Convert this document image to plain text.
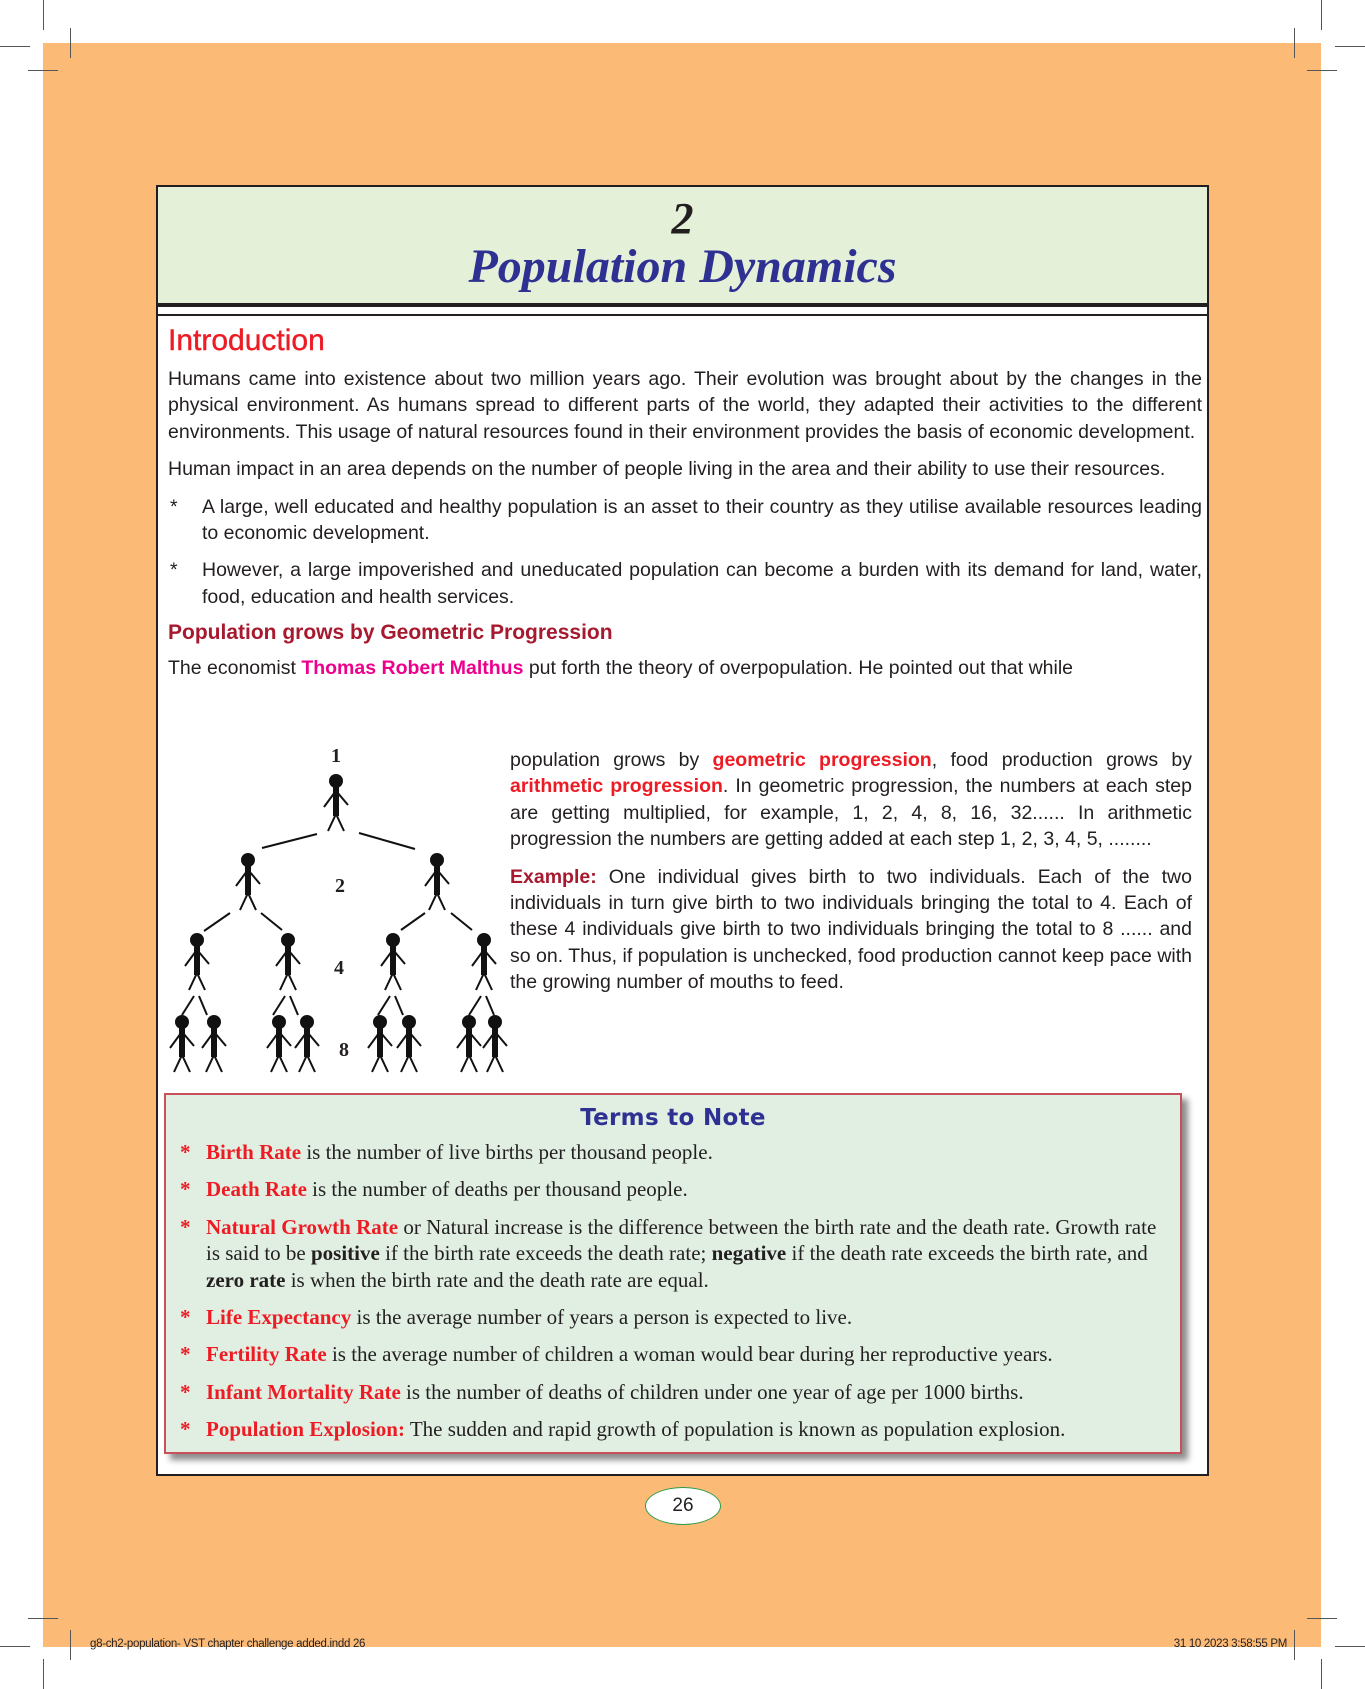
2
Population Dynamics
Introduction

Humans came into existence about two million years ago. Their evolution was brought about by the changes in the physical environment. As humans spread to different parts of the world, they adapted their activities to the different environments. This usage of natural resources found in their environment provides the basis of economic development.

Human impact in an area depends on the number of people living in the area and their ability to use their resources.

*	A large, well educated and healthy population is an asset to their country as they utilise available resources leading to economic development.
*	However, a large impoverished and uneducated population can become a burden with its demand for land, water, food, education and health services.
Population grows by Geometric Progression

The economist Thomas Robert Malthus put forth the theory of overpopulation. He pointed out that while

1
2
4
8

population grows by geometric progression, food production grows by arithmetic progression. In geometric progression, the numbers at each step are getting multiplied, for example, 1, 2, 4, 8, 16, 32...... In arithmetic progression the numbers are getting added at each step 1, 2, 3, 4, 5, ........

Example: One individual gives birth to two individuals. Each of the two individuals in turn give birth to two individuals bringing the total to 4. Each of these 4 individuals give birth to two individuals bringing the total to 8 ...... and so on. Thus, if population is unchecked, food production cannot keep pace with the growing number of mouths to feed.

Terms to Note
* Birth Rate is the number of live births per thousand people.
* Death Rate is the number of deaths per thousand people.
* Natural Growth Rate or Natural increase is the difference between the birth rate and the death rate. Growth rate is said to be positive if the birth rate exceeds the death rate; negative if the death rate exceeds the birth rate, and zero rate is when the birth rate and the death rate are equal.
* Life Expectancy is the average number of years a person is expected to live.
* Fertility Rate is the average number of children a woman would bear during her reproductive years.
* Infant Mortality Rate is the number of deaths of children under one year of age per 1000 births.
* Population Explosion: The sudden and rapid growth of population is known as population explosion.
26
g8-ch2-population- VST chapter challenge added.indd 26	31 10 2023 3:58:55 PM
